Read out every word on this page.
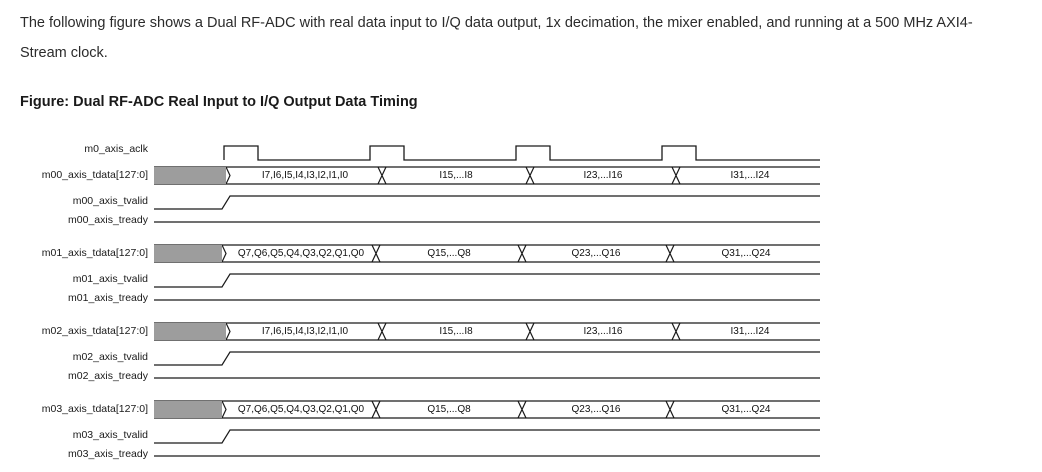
The following figure shows a Dual RF-ADC with real data input to I/Q data output, 1x decimation, the mixer enabled, and running at a 500 MHz AXI4-Stream clock.
Figure: Dual RF-ADC Real Input to I/Q Output Data Timing
m0_axis_aclk
m00_axis_tdata[127:0]	I7,I6,I5,I4,I3,I2,I1,I0	I15,...I8	I23,...I16	I31,...I24
m00_axis_tvalid
m00_axis_tready
m01_axis_tdata[127:0]	Q7,Q6,Q5,Q4,Q3,Q2,Q1,Q0	Q15,...Q8	Q23,...Q16	Q31,...Q24
m01_axis_tvalid
m01_axis_tready
m02_axis_tdata[127:0]	I7,I6,I5,I4,I3,I2,I1,I0	I15,...I8	I23,...I16	I31,...I24
m02_axis_tvalid
m02_axis_tready
m03_axis_tdata[127:0]	Q7,Q6,Q5,Q4,Q3,Q2,Q1,Q0	Q15,...Q8	Q23,...Q16	Q31,...Q24
m03_axis_tvalid
m03_axis_tready
